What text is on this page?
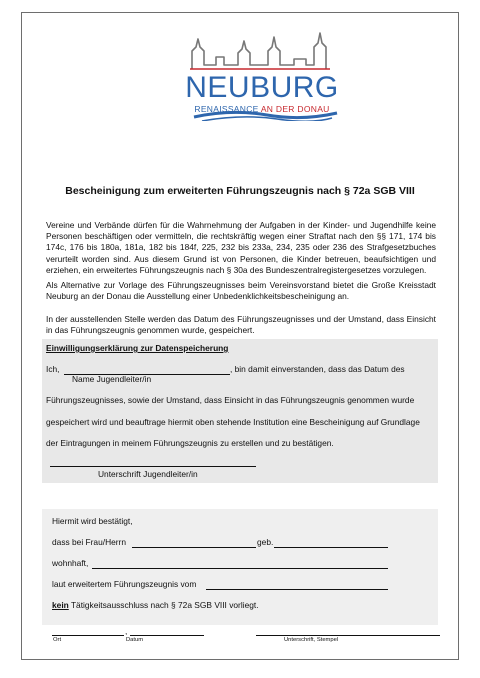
NEUBURG
RENAISSANCE AN DER DONAU
Bescheinigung zum erweiterten Führungszeugnis nach § 72a SGB VIII
Vereine und Verbände dürfen für die Wahrnehmung der Aufgaben in der Kinder- und Jugendhilfe keine Personen beschäftigen oder vermitteln, die rechtskräftig wegen einer Straftat nach den §§ 171, 174 bis 174c, 176 bis 180a, 181a, 182 bis 184f, 225, 232 bis 233a, 234, 235 oder 236 des Strafgesetzbuches verurteilt worden sind. Aus diesem Grund ist von Personen, die Kinder betreuen, beaufsichtigen und erziehen, ein erweitertes Führungszeugnis nach § 30a des Bundeszentralregistergesetzes vorzulegen.
Als Alternative zur Vorlage des Führungszeugnisses beim Vereinsvorstand bietet die Große Kreisstadt Neuburg an der Donau die Ausstellung einer Unbedenklichkeitsbescheinigung an.
In der ausstellenden Stelle werden das Datum des Führungszeugnisses und der Umstand, dass Einsicht in das Führungszeugnis genommen wurde, gespeichert.
Einwilligungserklärung zur Datenspeicherung
Ich,	, bin damit einverstanden, dass das Datum des
Name Jugendleiter/in
Führungszeugnisses, sowie der Umstand, dass Einsicht in das Führungszeugnis genommen wurde
gespeichert wird und beauftrage hiermit oben stehende Institution eine Bescheinigung auf Grundlage
der Eintragungen in meinem Führungszeugnis zu erstellen und zu bestätigen.
Unterschrift Jugendleiter/in
Hiermit wird bestätigt,
dass bei Frau/Herrn	geb.
wohnhaft,
laut erweitertem Führungszeugnis vom
kein Tätigkeitsausschluss nach § 72a SGB VIII vorliegt.
,
Ort	Datum	Unterschrift, Stempel
